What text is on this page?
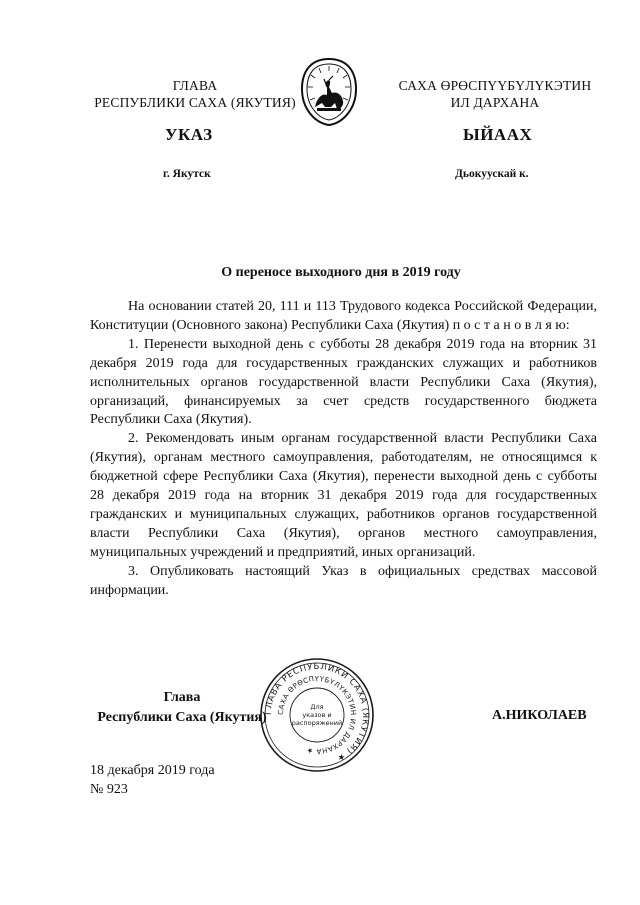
ГЛАВА
РЕСПУБЛИКИ САХА (ЯКУТИЯ)
САХА ӨРӨСПYYБYЛYКЭТИН
ИЛ ДАРХАНА
УКАЗ	ЫЙААХ
г. Якутск	Дьокуускай к.
О переносе выходного дня в 2019 году

На основании статей 20, 111 и 113 Трудового кодекса Российской Федерации, Конституции (Основного закона) Республики Саха (Якутия) п о с т а н о в л я ю:

1. Перенести выходной день с субботы 28 декабря 2019 года на вторник 31 декабря 2019 года для государственных гражданских служащих и работников исполнительных органов государственной власти Республики Саха (Якутия), организаций, финансируемых за счет средств государственного бюджета Республики Саха (Якутия).

2. Рекомендовать иным органам государственной власти Республики Саха (Якутия), органам местного самоуправления, работодателям, не относящимся к бюджетной сфере Республики Саха (Якутия), перенести выходной день с субботы 28 декабря 2019 года на вторник 31 декабря 2019 года для государственных гражданских и муниципальных служащих, работников органов государственной власти Республики Саха (Якутия), органов местного самоуправления, муниципальных учреждений и предприятий, иных организаций.

3. Опубликовать настоящий Указ в официальных средствах массовой информации.

Глава
Республики Саха (Якутия)	А.НИКОЛАЕВ
ГЛАВА РЕСПУБЛИКИ САХА (ЯКУТИЯ) ★
САХА ӨРӨСПYYБYЛYКЭТИН ИЛ ДАРХАНА ★
Для
указов и
распоряжений
18 декабря 2019 года
№ 923
